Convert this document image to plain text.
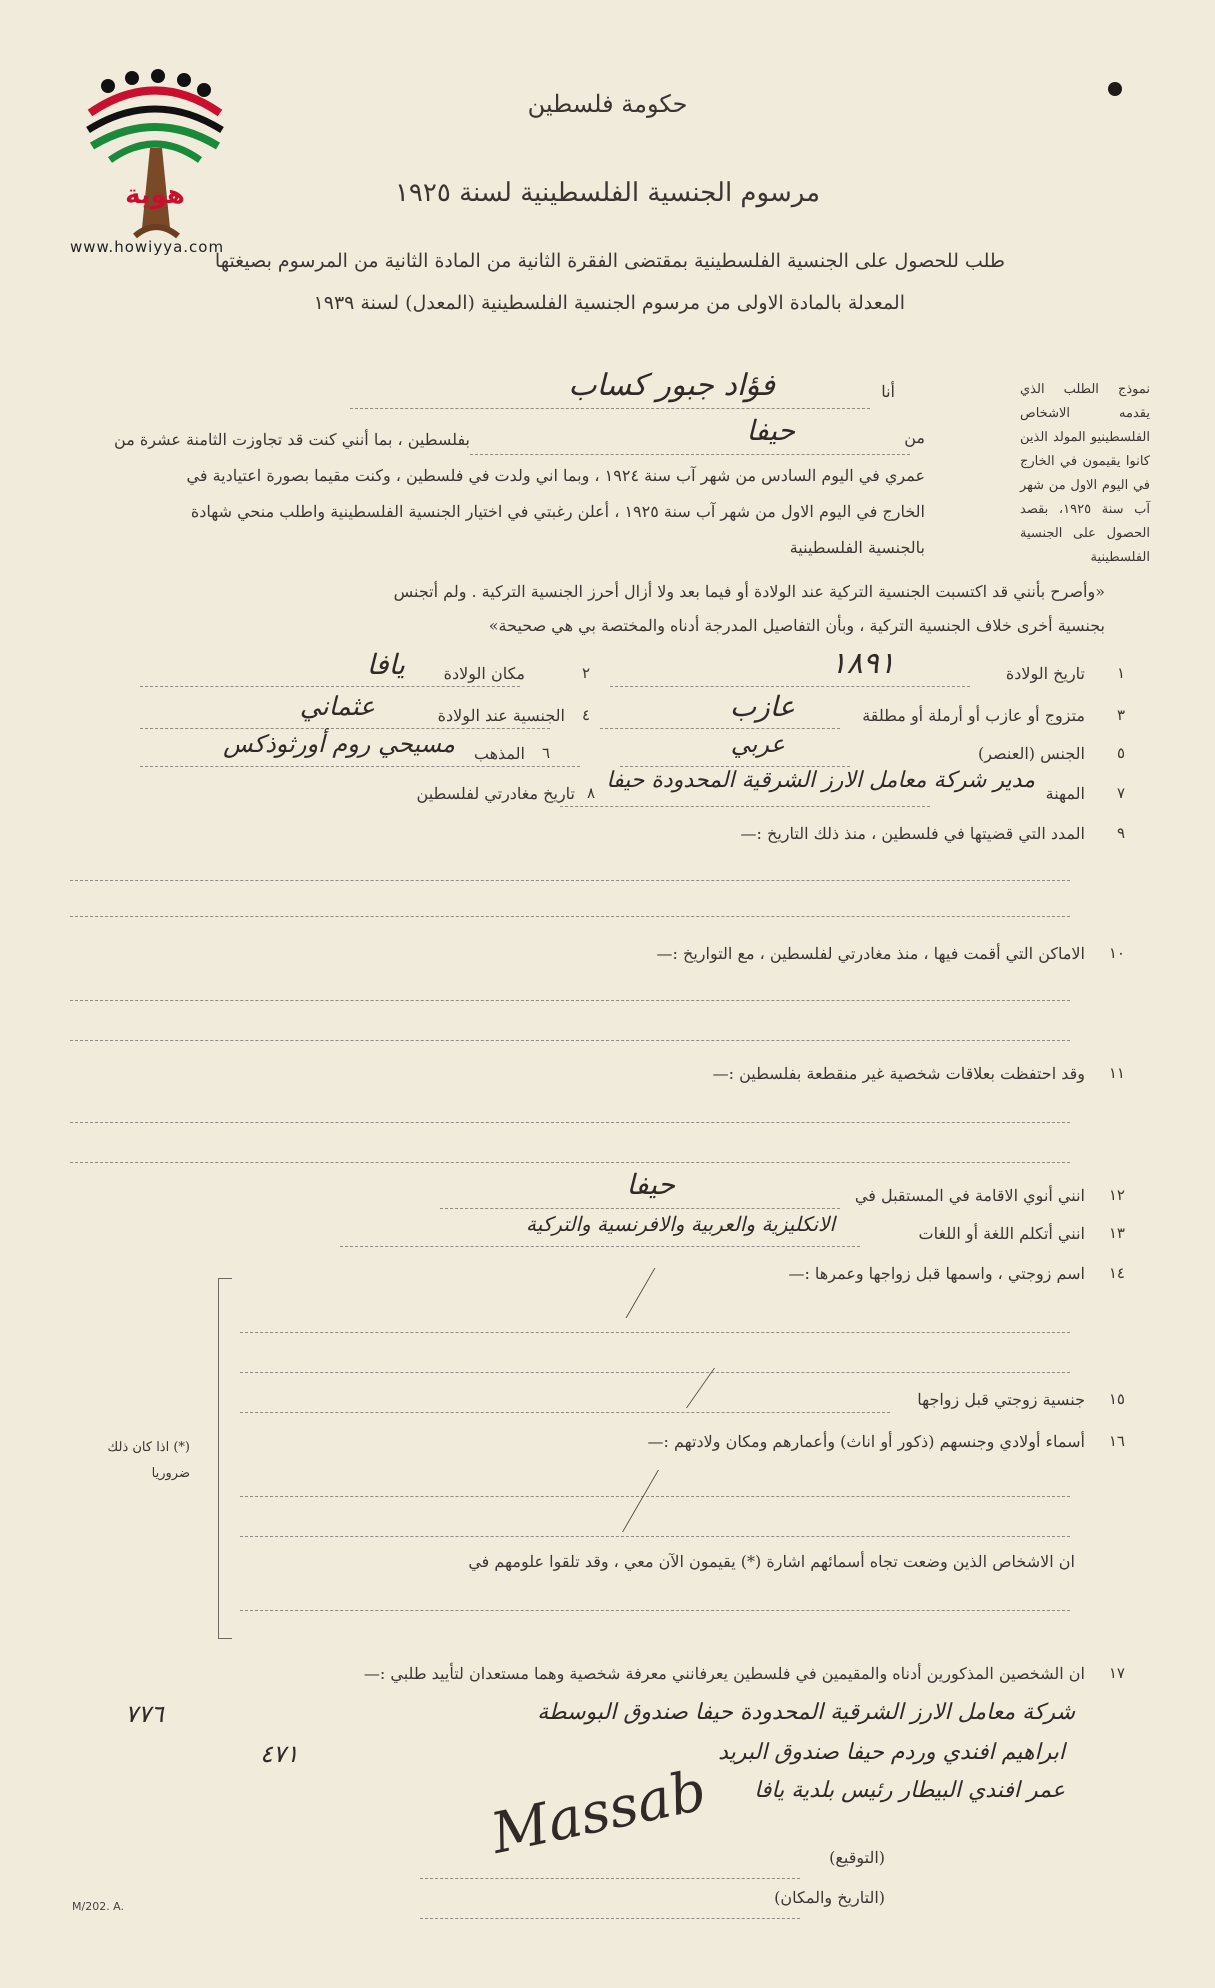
هوية
www.howiyya.com
حكومة فلسطين
مرسوم الجنسية الفلسطينية لسنة ١٩٢٥
طلب للحصول على الجنسية الفلسطينية بمقتضى الفقرة الثانية من المادة الثانية من المرسوم بصيغتها
المعدلة بالمادة الاولى من مرسوم الجنسية الفلسطينية (المعدل) لسنة ١٩٣٩
نموذج الطلب الذي يقدمه الاشخاص الفلسطينيو المولد الذين كانوا يقيمون في الخارج في اليوم الاول من شهر آب سنة ١٩٢٥، بقصد الحصول على الجنسية الفلسطينية
أنا
فؤاد جبور كساب
من
حيفا
بفلسطين ، بما أنني كنت قد تجاوزت الثامنة عشرة من
عمري في اليوم السادس من شهر آب سنة ١٩٢٤ ، وبما اني ولدت في فلسطين ، وكنت مقيما بصورة اعتيادية في
الخارج في اليوم الاول من شهر آب سنة ١٩٢٥ ، أعلن رغبتي في اختيار الجنسية الفلسطينية واطلب منحي شهادة
بالجنسية الفلسطينية
«وأصرح بأنني قد اكتسبت الجنسية التركية عند الولادة أو فيما بعد ولا أزال أحرز الجنسية التركية . ولم أتجنس
بجنسية أخرى خلاف الجنسية التركية ، وبأن التفاصيل المدرجة أدناه والمختصة بي هي صحيحة»
١
تاريخ الولادة
١٨٩١
٢
مكان الولادة
يافا
٣
متزوج أو عازب أو أرملة أو مطلقة
عازب
٤
الجنسية عند الولادة
عثماني
٥
الجنس (العنصر)
عربي
٦
المذهب
مسيحي روم أورثوذكس
٧
المهنة
مدير شركة معامل الارز الشرقية المحدودة حيفا
٨
تاريخ مغادرتي لفلسطين
٩
المدد التي قضيتها في فلسطين ، منذ ذلك التاريخ :—
١٠
الاماكن التي أقمت فيها ، منذ مغادرتي لفلسطين ، مع التواريخ :—
١١
وقد احتفظت بعلاقات شخصية غير منقطعة بفلسطين :—
١٢
انني أنوي الاقامة في المستقبل في
حيفا
١٣
انني أتكلم اللغة أو اللغات
الانكليزية والعربية والافرنسية والتركية
١٤
اسم زوجتي ، واسمها قبل زواجها وعمرها :—
١٥
جنسية زوجتي قبل زواجها
١٦
أسماء أولادي وجنسهم (ذكور أو اناث) وأعمارهم ومكان ولادتهم :—
(*) اذا كان ذلك ضروريا
ان الاشخاص الذين وضعت تجاه أسمائهم اشارة (*) يقيمون الآن معي ، وقد تلقوا علومهم في
١٧
ان الشخصين المذكورين أدناه والمقيمين في فلسطين يعرفانني معرفة شخصية وهما مستعدان لتأييد طلبي :—
شركة معامل الارز الشرقية المحدودة حيفا صندوق البوسطة
٧٧٦
ابراهيم افندي وردم حيفا صندوق البريد
٤٧١
عمر افندي البيطار رئيس بلدية يافا
Massab	(التوقيع)
(التاريخ والمكان)
M/202. A.
